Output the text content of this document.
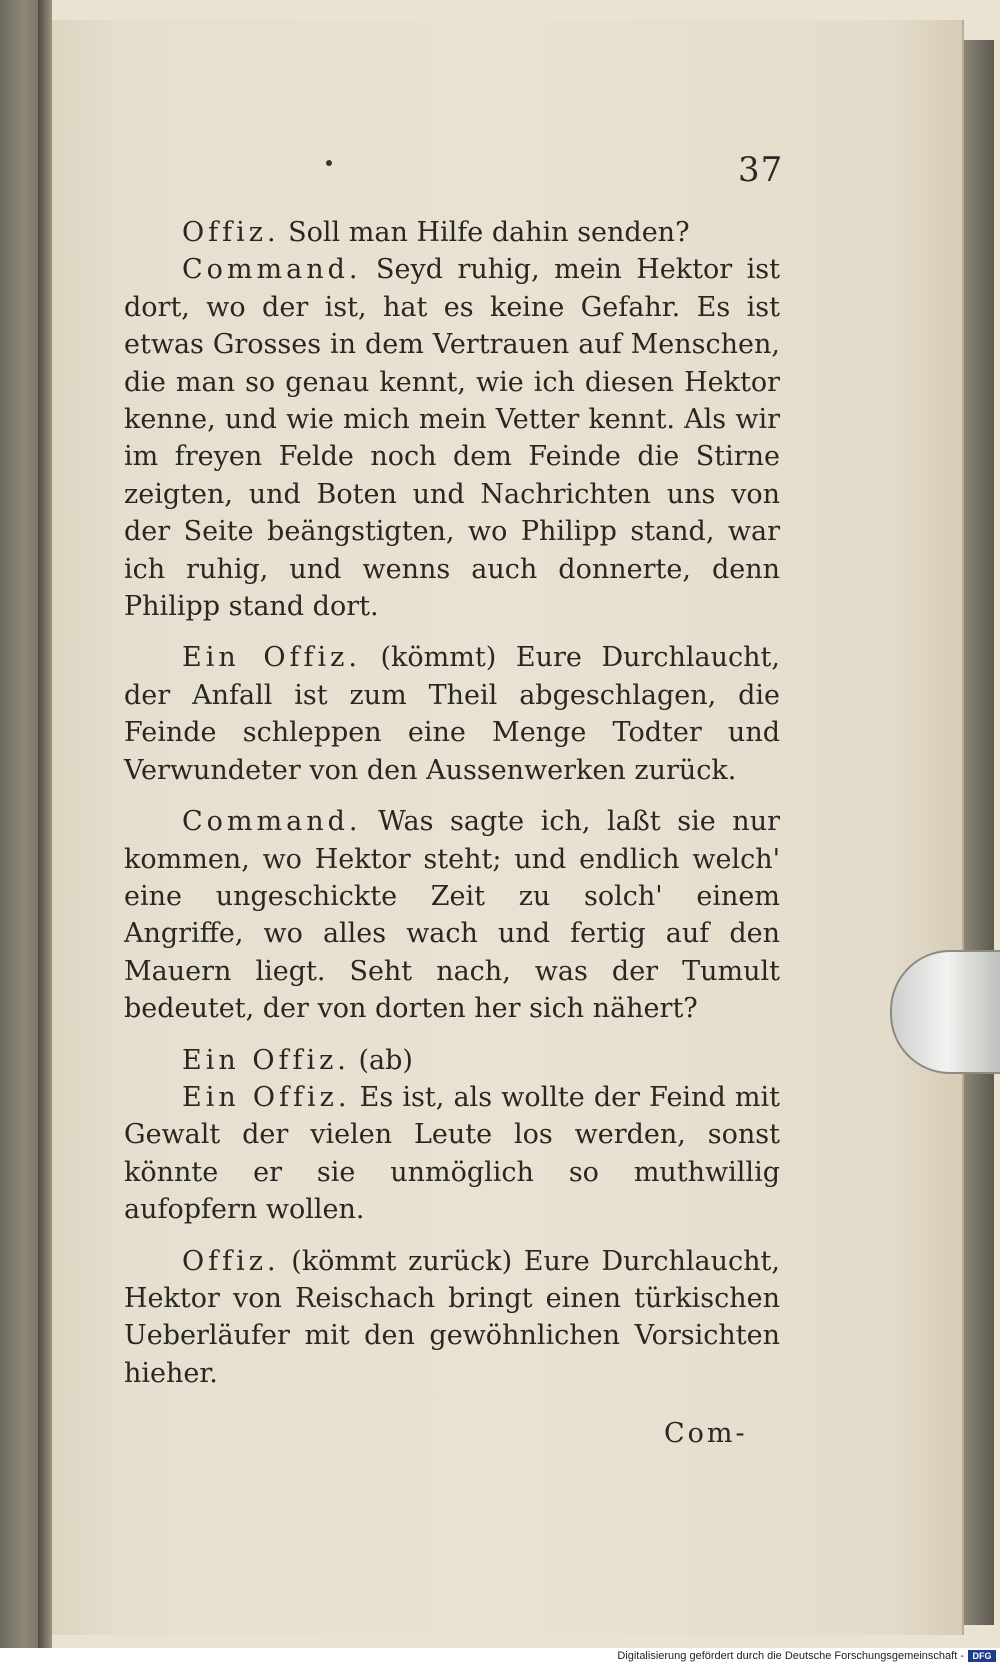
37

Offiz. Soll man Hilfe dahin senden?

Command. Seyd ruhig, mein Hektor ist dort, wo der ist, hat es keine Gefahr. Es ist etwas Grosses in dem Vertrauen auf Menschen, die man so genau kennt, wie ich diesen Hektor kenne, und wie mich mein Vetter kennt. Als wir im freyen Felde noch dem Feinde die Stirne zeigten, und Boten und Nachrichten uns von der Seite beängstigten, wo Philipp stand, war ich ruhig, und wenns auch donnerte, denn Philipp stand dort.

Ein Offiz. (kömmt) Eure Durchlaucht, der Anfall ist zum Theil abgeschlagen, die Feinde schleppen eine Menge Todter und Verwundeter von den Aussenwerken zurück.

Command. Was sagte ich, laßt sie nur kommen, wo Hektor steht; und endlich welch' eine ungeschickte Zeit zu solch' einem Angriffe, wo alles wach und fertig auf den Mauern liegt. Seht nach, was der Tumult bedeutet, der von dorten her sich nähert?

Ein Offiz. (ab)

Ein Offiz. Es ist, als wollte der Feind mit Gewalt der vielen Leute los werden, sonst könnte er sie unmöglich so muthwillig aufopfern wollen.

Offiz. (kömmt zurück) Eure Durchlaucht, Hektor von Reischach bringt einen türkischen Ueberläufer mit den gewöhnlichen Vorsichten hieher.

Com-
Digitalisierung gefördert durch die Deutsche Forschungsgemeinschaft - DFG
